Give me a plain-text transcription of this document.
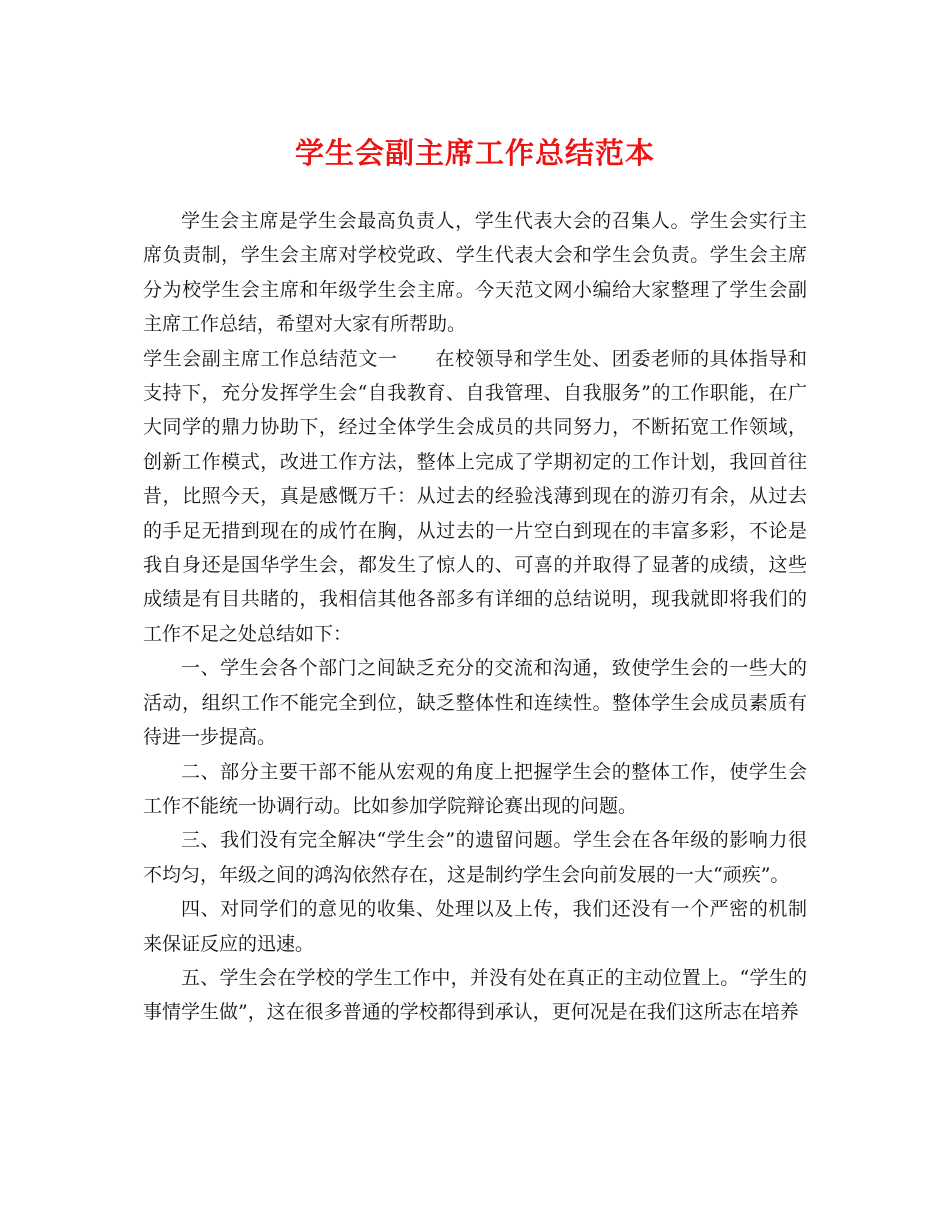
学生会副主席工作总结范本

学生会主席是学生会最高负责人，学生代表大会的召集人。学生会实行主席负责制，学生会主席对学校党政、学生代表大会和学生会负责。学生会主席分为校学生会主席和年级学生会主席。今天范文网小编给大家整理了学生会副主席工作总结，希望对大家有所帮助。

学生会副主席工作总结范文一 在校领导和学生处、团委老师的具体指导和支持下，充分发挥学生会“自我教育、自我管理、自我服务”的工作职能，在广大同学的鼎力协助下，经过全体学生会成员的共同努力，不断拓宽工作领域，创新工作模式，改进工作方法，整体上完成了学期初定的工作计划，我回首往昔，比照今天，真是感慨万千：从过去的经验浅薄到现在的游刃有余，从过去的手足无措到现在的成竹在胸，从过去的一片空白到现在的丰富多彩，不论是我自身还是国华学生会，都发生了惊人的、可喜的并取得了显著的成绩，这些成绩是有目共睹的，我相信其他各部多有详细的总结说明，现我就即将我们的工作不足之处总结如下：

一、学生会各个部门之间缺乏充分的交流和沟通，致使学生会的一些大的活动，组织工作不能完全到位，缺乏整体性和连续性。整体学生会成员素质有待进一步提高。

二、部分主要干部不能从宏观的角度上把握学生会的整体工作，使学生会工作不能统一协调行动。比如参加学院辩论赛出现的问题。

三、我们没有完全解决“学生会”的遗留问题。学生会在各年级的影响力很不均匀，年级之间的鸿沟依然存在，这是制约学生会向前发展的一大“顽疾”。

四、对同学们的意见的收集、处理以及上传，我们还没有一个严密的机制来保证反应的迅速。

五、学生会在学校的学生工作中，并没有处在真正的主动位置上。“学生的事情学生做”，这在很多普通的学校都得到承认，更何况是在我们这所志在培养
